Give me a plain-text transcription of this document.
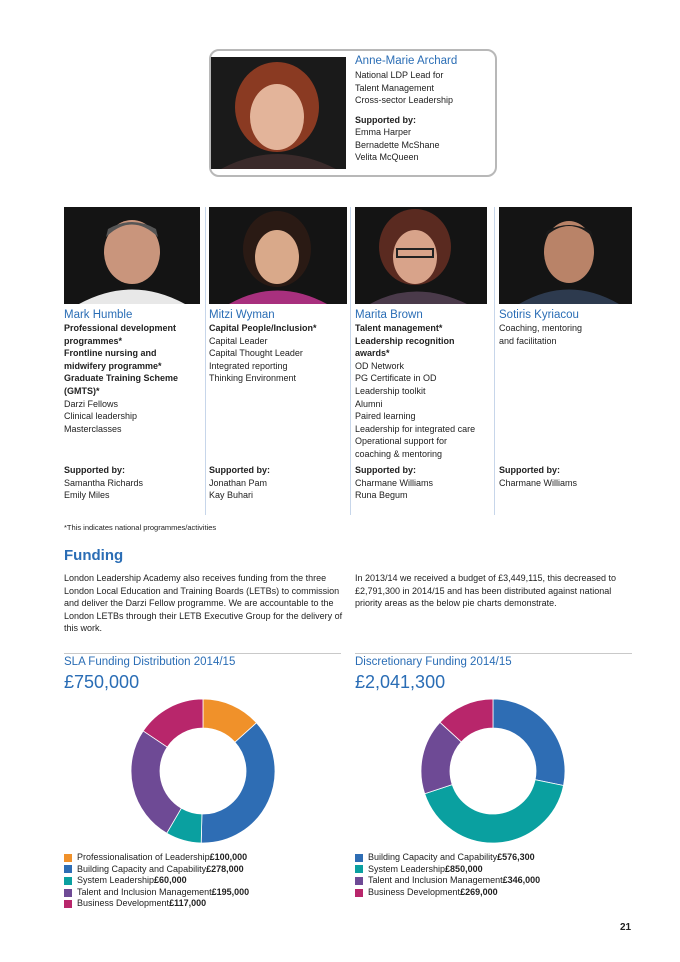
Anne-Marie Archard
National LDP Lead for
Talent Management
Cross-sector Leadership
Supported by:
Emma Harper
Bernadette McShane
Velita McQueen
Mark Humble
Professional development
programmes*
Frontline nursing and
midwifery programme*
Graduate Training Scheme
(GMTS)*
Darzi Fellows
Clinical leadership
Masterclasses
Mitzi Wyman
Capital People/Inclusion*
Capital Leader
Capital Thought Leader
Integrated reporting
Thinking Environment
Marita Brown
Talent management*
Leadership recognition
awards*
OD Network
PG Certificate in OD
Leadership toolkit
Alumni
Paired learning
Leadership for integrated care
Operational support for
coaching & mentoring
Sotiris Kyriacou
Coaching, mentoring
and facilitation
Supported by:
Samantha Richards
Emily Miles
Supported by:
Jonathan Pam
Kay Buhari
Supported by:
Charmane Williams
Runa Begum
Supported by:
Charmane Williams
*This indicates national programmes/activities
Funding
London Leadership Academy also receives funding from the three
London Local Education and Training Boards (LETBs) to commission
and deliver the Darzi Fellow programme. We are accountable to the
London LETBs through their LETB Executive Group for the delivery of
this work.
In 2013/14 we received a budget of £3,449,115, this decreased to
£2,791,300 in 2014/15 and has been distributed against national
priority areas as the below pie charts demonstrate.
SLA Funding Distribution 2014/15
£750,000
Professionalisation of Leadership £100,000
Building Capacity and Capability £278,000
System Leadership £60,000
Talent and Inclusion Management £195,000
Business Development £117,000
Discretionary Funding 2014/15
£2,041,300
Building Capacity and Capability £576,300
System Leadership £850,000
Talent and Inclusion Management £346,000
Business Development £269,000
21
